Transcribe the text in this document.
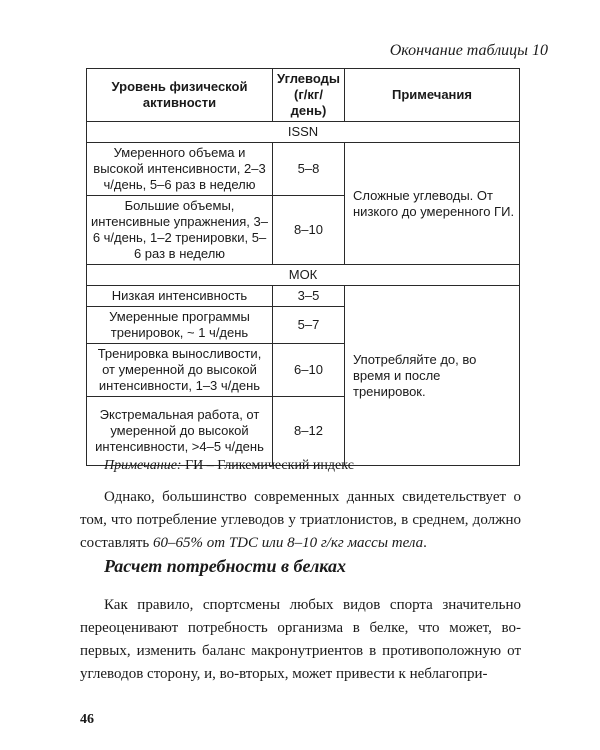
Окончание таблицы 10
Уровень физической активности	Углеводы (г/кг/день)	Примечания
ISSN		
Умеренного объема и высокой интенсивности, 2–3 ч/день, 5–6 раз в неделю	5–8	Сложные углеводы. От низкого до умеренного ГИ.
Большие объемы, интенсивные упражнения, 3–6 ч/день, 1–2 тренировки, 5–6 раз в неделю	8–10	
МОК		
Низкая интенсивность	3–5	Употребляйте до, во время и после тренировок.
Умеренные программы тренировок, ~ 1 ч/день	5–7	
Тренировка выносливости, от умеренной до высокой интенсивности, 1–3 ч/день	6–10	
Экстремальная работа, от умеренной до высокой интенсивности, >4–5 ч/день	8–12	
Примечание: ГИ – Гликемический индекс

Однако, большинство современных данных свидетельствует о том, что потребление углеводов у триатлонистов, в среднем, должно составлять 60–65% от TDC или 8–10 г/кг массы тела.

Расчет потребности в белках

Как правило, спортсмены любых видов спорта значительно переоценивают потребность организма в белке, что может, во-первых, изменить баланс макронутриентов в противоположную от углеводов сторону, и, во-вторых, может привести к неблагопри-

46
